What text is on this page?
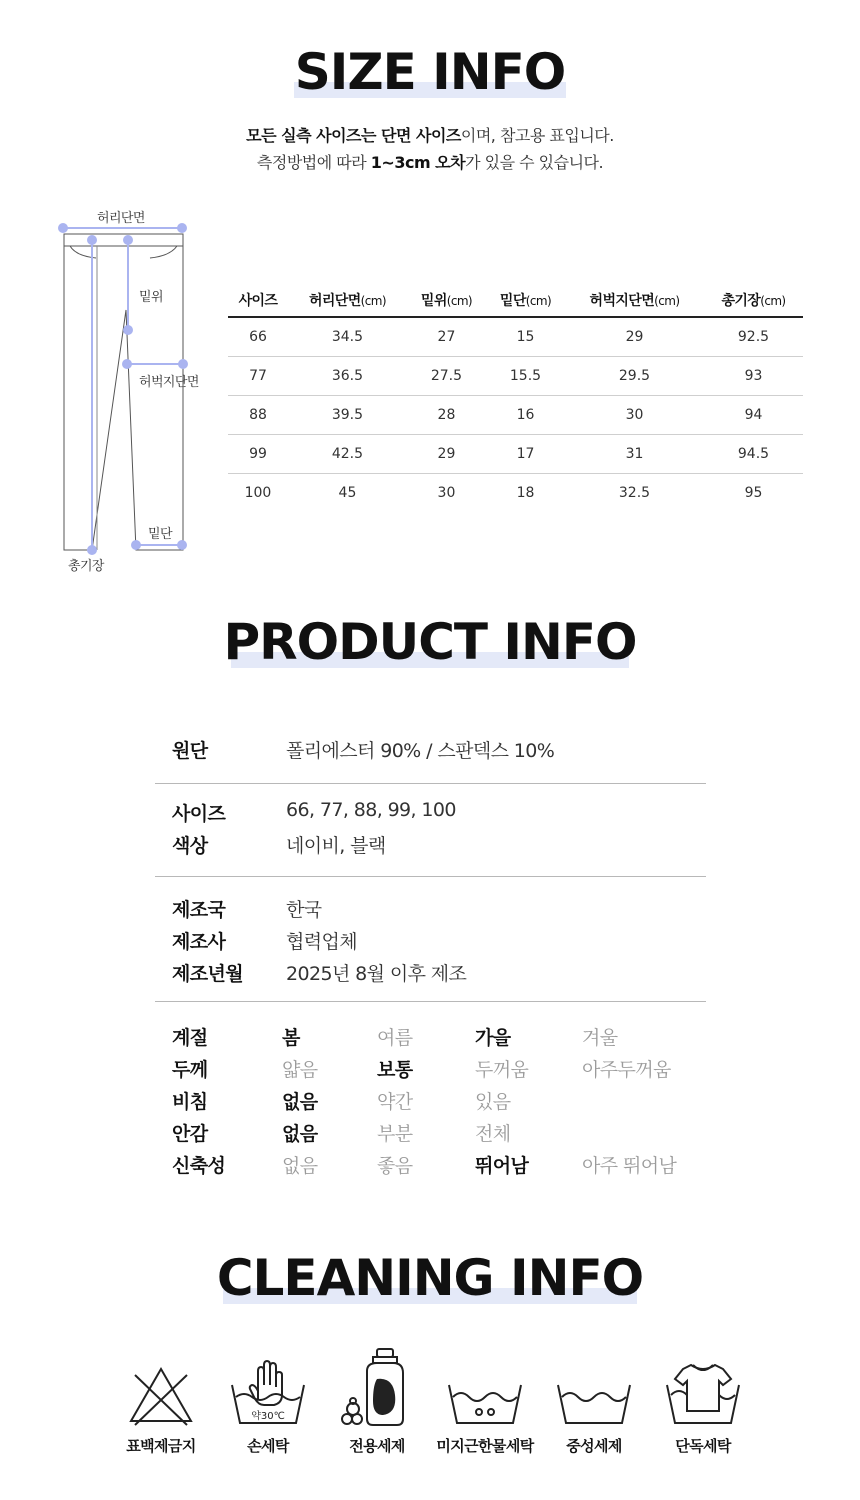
SIZE INFO
모든 실측 사이즈는 단면 사이즈이며, 참고용 표입니다.
측정방법에 따라 1~3cm 오차가 있을 수 있습니다.
허리단면
밑위
허벅지단면
밑단
총기장
사이즈	허리단면(cm)	밑위(cm)	밑단(cm)	허벅지단면(cm)	총기장(cm)
66	34.5	27	15	29	92.5
77	36.5	27.5	15.5	29.5	93
88	39.5	28	16	30	94
99	42.5	29	17	31	94.5
100	45	30	18	32.5	95
PRODUCT INFO
원단	폴리에스터 90% / 스판덱스 10%
사이즈	66, 77, 88, 99, 100
색상	네이비, 블랙
제조국	한국
제조사	협력업체
제조년월 2025년 8월 이후 제조
계절	봄	여름	가을	겨울
두께	얇음	보통	두꺼움	아주두꺼움
비침	없음	약간	있음
안감	없음	부분	전체
신축성	없음	좋음	뛰어남	아주 뛰어남
CLEANING INFO
표백제금지
약30℃
손세탁	전용세제	미지근한물세탁	중성세제	단독세탁
